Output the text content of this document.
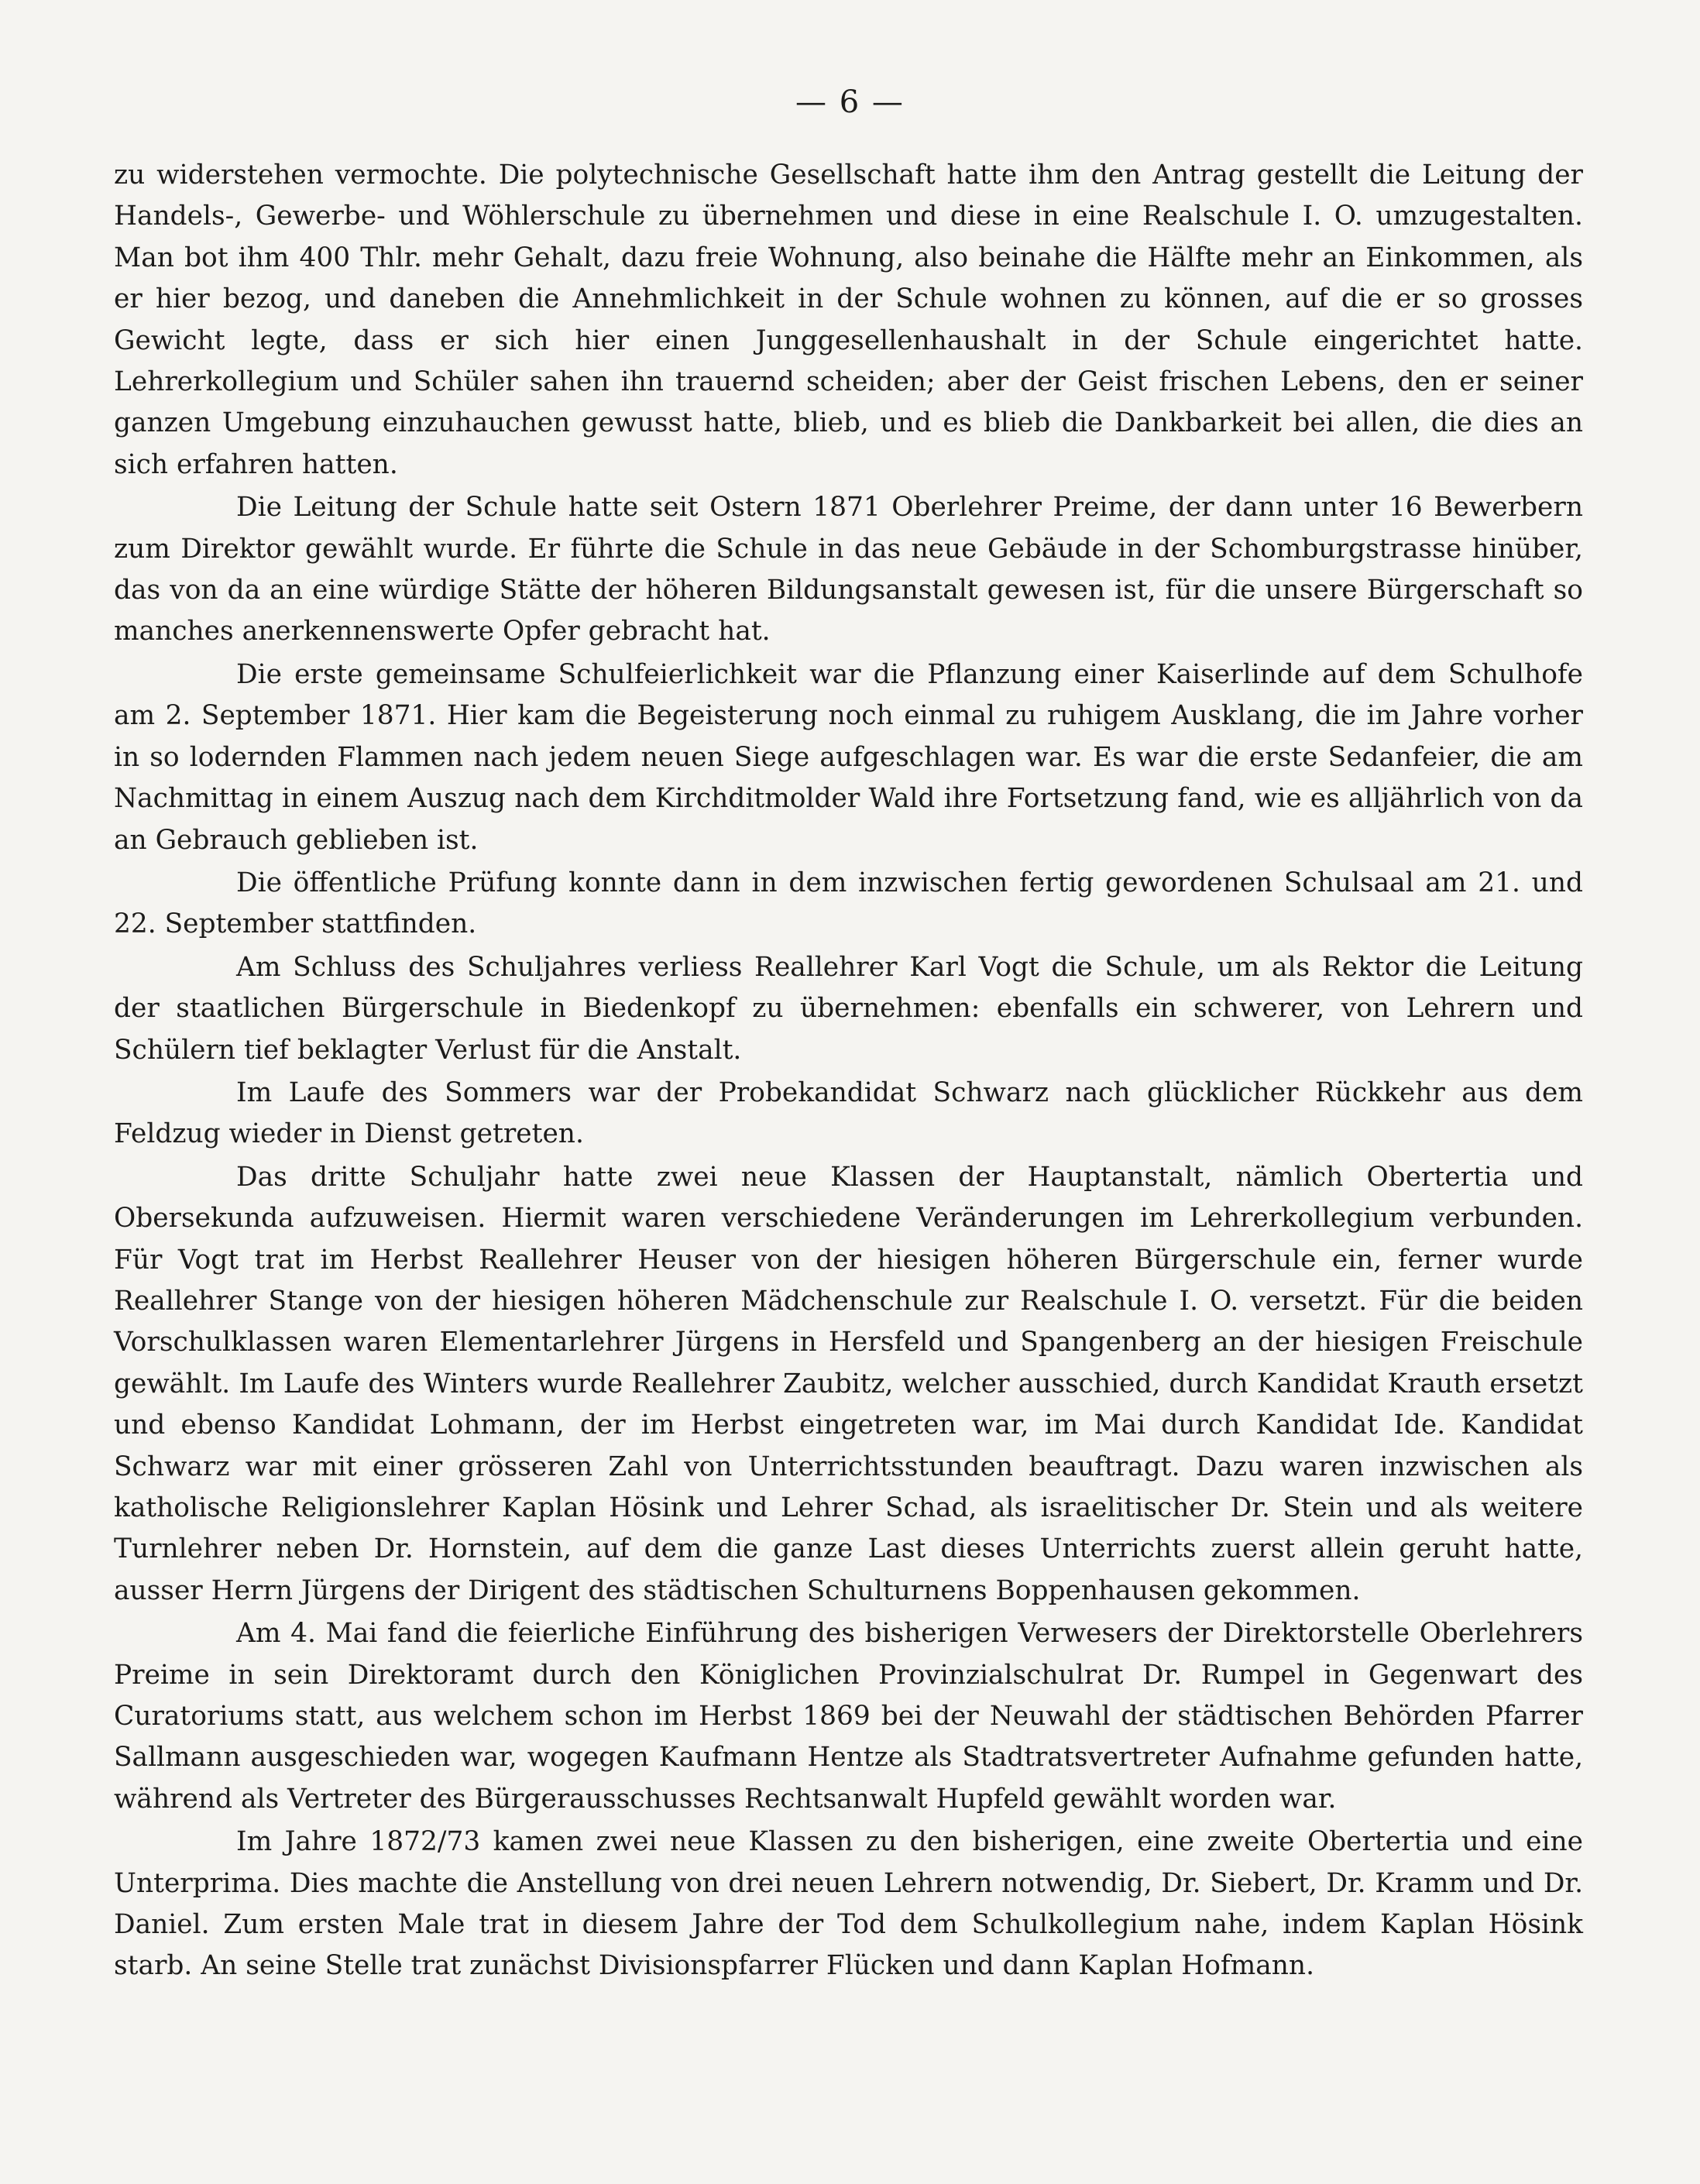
— 6 —

zu widerstehen vermochte. Die polytechnische Gesellschaft hatte ihm den Antrag gestellt die Leitung der Handels-, Gewerbe- und Wöhlerschule zu übernehmen und diese in eine Realschule I. O. umzugestalten. Man bot ihm 400 Thlr. mehr Gehalt, dazu freie Wohnung, also beinahe die Hälfte mehr an Einkommen, als er hier bezog, und daneben die Annehmlichkeit in der Schule wohnen zu können, auf die er so grosses Gewicht legte, dass er sich hier einen Junggesellenhaushalt in der Schule eingerichtet hatte. Lehrerkollegium und Schüler sahen ihn trauernd scheiden; aber der Geist frischen Lebens, den er seiner ganzen Umgebung einzuhauchen gewusst hatte, blieb, und es blieb die Dankbarkeit bei allen, die dies an sich erfahren hatten.

Die Leitung der Schule hatte seit Ostern 1871 Oberlehrer Preime, der dann unter 16 Bewerbern zum Direktor gewählt wurde. Er führte die Schule in das neue Gebäude in der Schomburgstrasse hinüber, das von da an eine würdige Stätte der höheren Bildungsanstalt gewesen ist, für die unsere Bürgerschaft so manches anerkennenswerte Opfer gebracht hat.

Die erste gemeinsame Schulfeierlichkeit war die Pflanzung einer Kaiserlinde auf dem Schulhofe am 2. September 1871. Hier kam die Begeisterung noch einmal zu ruhigem Ausklang, die im Jahre vorher in so lodernden Flammen nach jedem neuen Siege aufgeschlagen war. Es war die erste Sedanfeier, die am Nachmittag in einem Auszug nach dem Kirchditmolder Wald ihre Fortsetzung fand, wie es alljährlich von da an Gebrauch geblieben ist.

Die öffentliche Prüfung konnte dann in dem inzwischen fertig gewordenen Schulsaal am 21. und 22. September stattfinden.

Am Schluss des Schuljahres verliess Reallehrer Karl Vogt die Schule, um als Rektor die Leitung der staatlichen Bürgerschule in Biedenkopf zu übernehmen: ebenfalls ein schwerer, von Lehrern und Schülern tief beklagter Verlust für die Anstalt.

Im Laufe des Sommers war der Probekandidat Schwarz nach glücklicher Rückkehr aus dem Feldzug wieder in Dienst getreten.

Das dritte Schuljahr hatte zwei neue Klassen der Hauptanstalt, nämlich Obertertia und Obersekunda aufzuweisen. Hiermit waren verschiedene Veränderungen im Lehrerkollegium verbunden. Für Vogt trat im Herbst Reallehrer Heuser von der hiesigen höheren Bürgerschule ein, ferner wurde Reallehrer Stange von der hiesigen höheren Mädchenschule zur Realschule I. O. versetzt. Für die beiden Vorschulklassen waren Elementarlehrer Jürgens in Hersfeld und Spangenberg an der hiesigen Freischule gewählt. Im Laufe des Winters wurde Reallehrer Zaubitz, welcher ausschied, durch Kandidat Krauth ersetzt und ebenso Kandidat Lohmann, der im Herbst eingetreten war, im Mai durch Kandidat Ide. Kandidat Schwarz war mit einer grösseren Zahl von Unterrichtsstunden beauftragt. Dazu waren inzwischen als katholische Religionslehrer Kaplan Hösink und Lehrer Schad, als israelitischer Dr. Stein und als weitere Turnlehrer neben Dr. Hornstein, auf dem die ganze Last dieses Unterrichts zuerst allein geruht hatte, ausser Herrn Jürgens der Dirigent des städtischen Schulturnens Boppenhausen gekommen.

Am 4. Mai fand die feierliche Einführung des bisherigen Verwesers der Direktorstelle Oberlehrers Preime in sein Direktoramt durch den Königlichen Provinzialschulrat Dr. Rumpel in Gegenwart des Curatoriums statt, aus welchem schon im Herbst 1869 bei der Neuwahl der städtischen Behörden Pfarrer Sallmann ausgeschieden war, wogegen Kaufmann Hentze als Stadtratsvertreter Aufnahme gefunden hatte, während als Vertreter des Bürgerausschusses Rechtsanwalt Hupfeld gewählt worden war.

Im Jahre 1872/73 kamen zwei neue Klassen zu den bisherigen, eine zweite Obertertia und eine Unterprima. Dies machte die Anstellung von drei neuen Lehrern notwendig, Dr. Siebert, Dr. Kramm und Dr. Daniel. Zum ersten Male trat in diesem Jahre der Tod dem Schulkollegium nahe, indem Kaplan Hösink starb. An seine Stelle trat zunächst Divisionspfarrer Flücken und dann Kaplan Hofmann.
